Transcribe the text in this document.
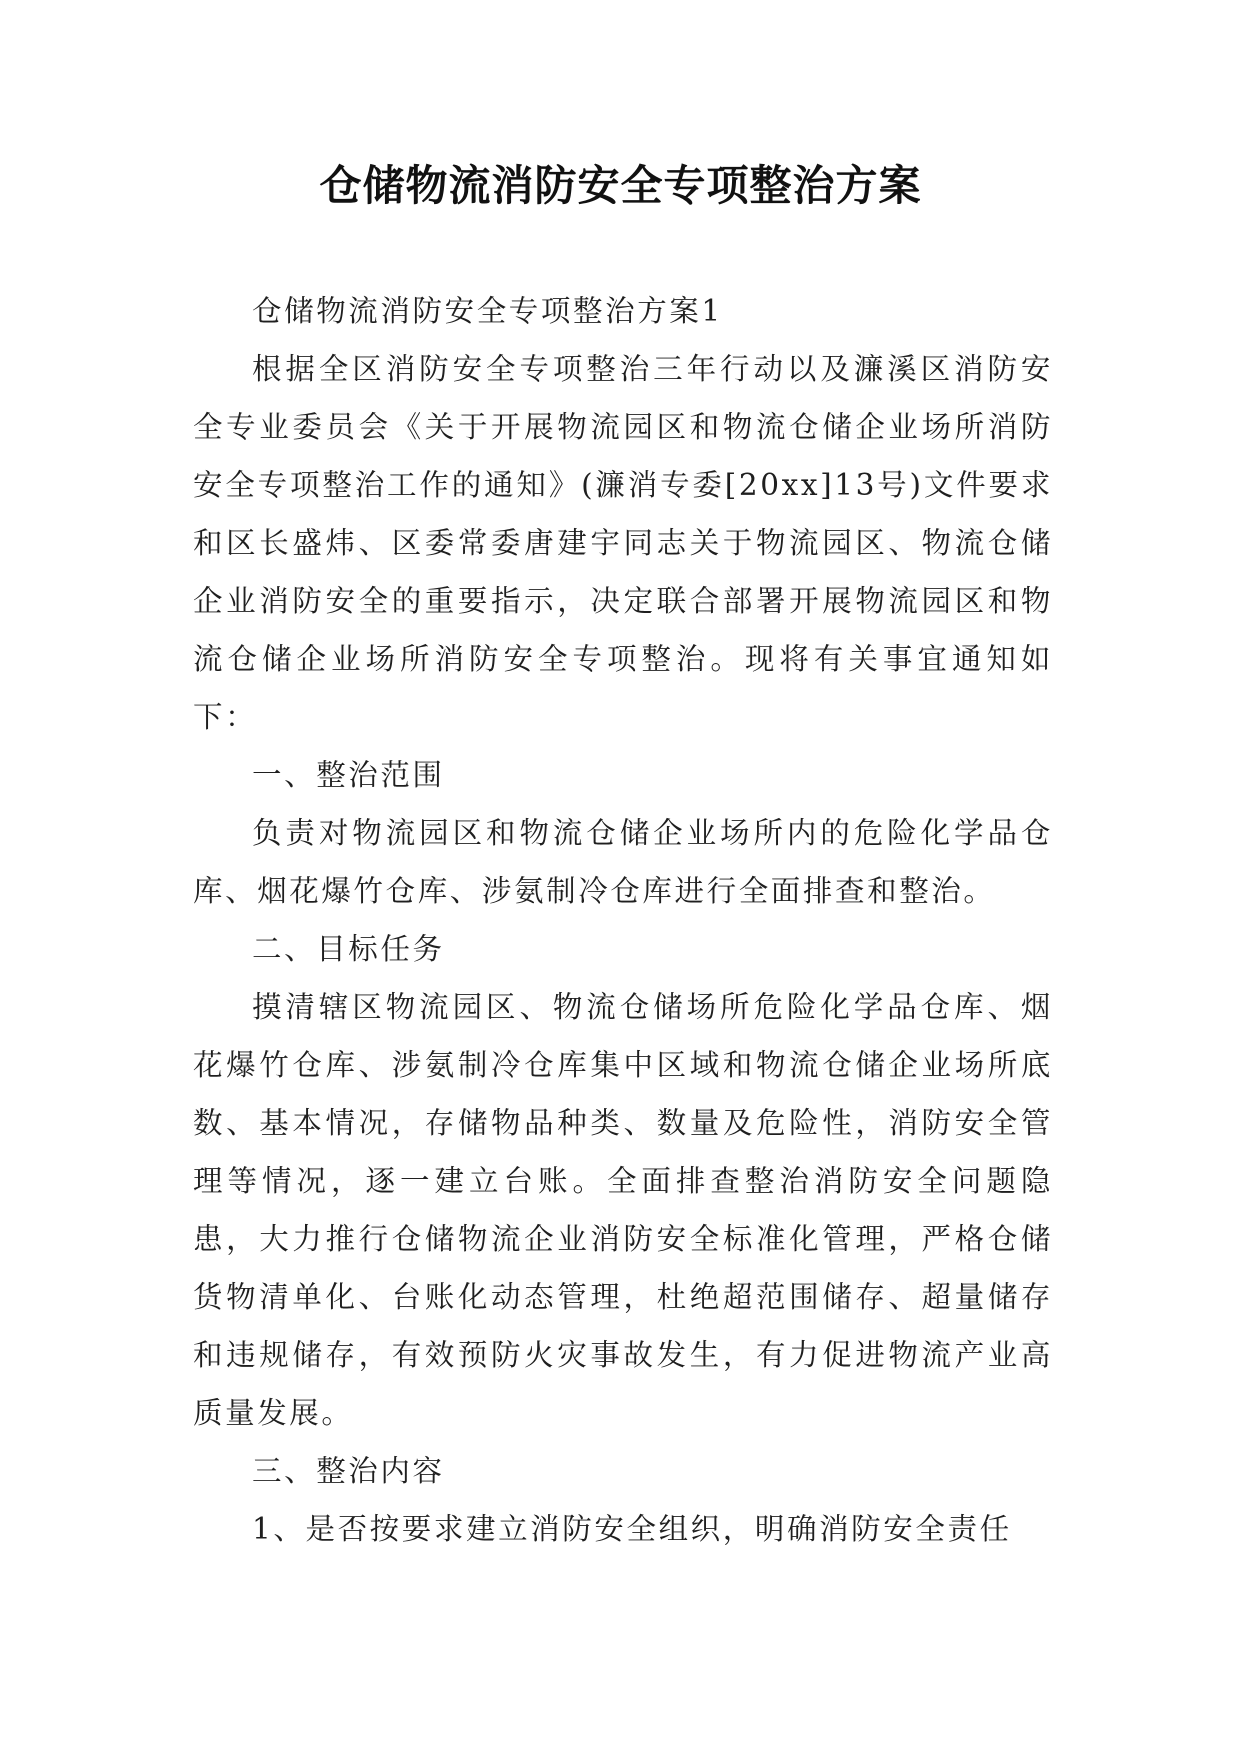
仓储物流消防安全专项整治方案

仓储物流消防安全专项整治方案1

根据全区消防安全专项整治三年行动以及濂溪区消防安全专业委员会《关于开展物流园区和物流仓储企业场所消防安全专项整治工作的通知》(濂消专委[20xx]13号)文件要求和区长盛炜、区委常委唐建宇同志关于物流园区、物流仓储企业消防安全的重要指示，决定联合部署开展物流园区和物流仓储企业场所消防安全专项整治。现将有关事宜通知如下：

一、整治范围

负责对物流园区和物流仓储企业场所内的危险化学品仓库、烟花爆竹仓库、涉氨制冷仓库进行全面排查和整治。

二、目标任务

摸清辖区物流园区、物流仓储场所危险化学品仓库、烟花爆竹仓库、涉氨制冷仓库集中区域和物流仓储企业场所底数、基本情况，存储物品种类、数量及危险性，消防安全管理等情况，逐一建立台账。全面排查整治消防安全问题隐患，大力推行仓储物流企业消防安全标准化管理，严格仓储货物清单化、台账化动态管理，杜绝超范围储存、超量储存和违规储存，有效预防火灾事故发生，有力促进物流产业高质量发展。

三、整治内容

1、是否按要求建立消防安全组织，明确消防安全责任
